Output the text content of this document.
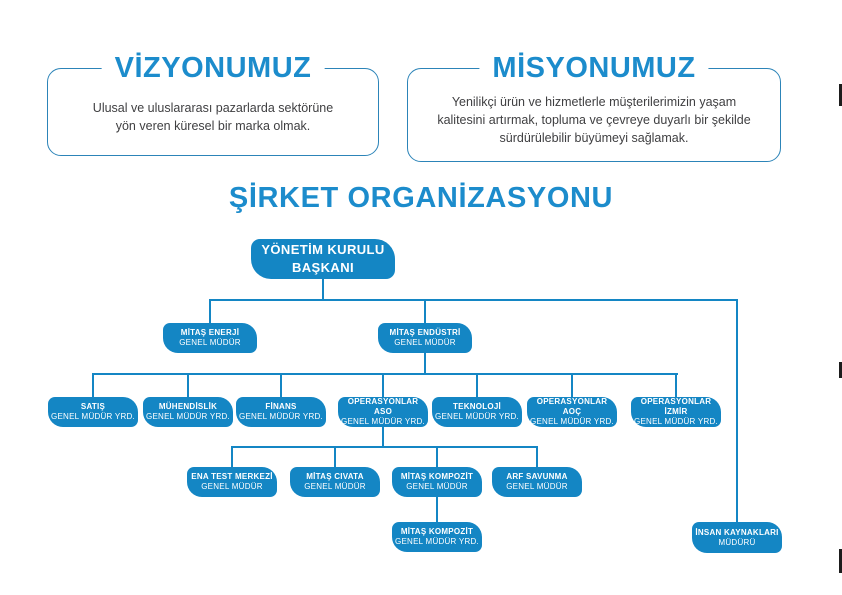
VİZYONUMUZ
Ulusal ve uluslararası pazarlarda sektörüne
yön veren küresel bir marka olmak.
MİSYONUMUZ
Yenilikçi ürün ve hizmetlerle müşterilerimizin yaşam
kalitesini artırmak, topluma ve çevreye duyarlı bir şekilde
sürdürülebilir büyümeyi sağlamak.
ŞİRKET ORGANİZASYONU
YÖNETİM KURULU
BAŞKANI
MİTAŞ ENERJİ
GENEL MÜDÜR
MİTAŞ ENDÜSTRİ
GENEL MÜDÜR
SATIŞ
GENEL MÜDÜR YRD.
MÜHENDİSLİK
GENEL MÜDÜR YRD.
FİNANS
GENEL MÜDÜR YRD.
OPERASYONLAR ASO
GENEL MÜDÜR YRD.
TEKNOLOJİ
GENEL MÜDÜR YRD.
OPERASYONLAR AOÇ
GENEL MÜDÜR YRD.
OPERASYONLAR İZMİR
GENEL MÜDÜR YRD.
ENA TEST MERKEZİ
GENEL MÜDÜR
MİTAŞ CIVATA
GENEL MÜDÜR
MİTAŞ KOMPOZİT
GENEL MÜDÜR
ARF SAVUNMA
GENEL MÜDÜR
MİTAŞ KOMPOZİT
GENEL MÜDÜR YRD.
İNSAN KAYNAKLARI
MÜDÜRÜ
